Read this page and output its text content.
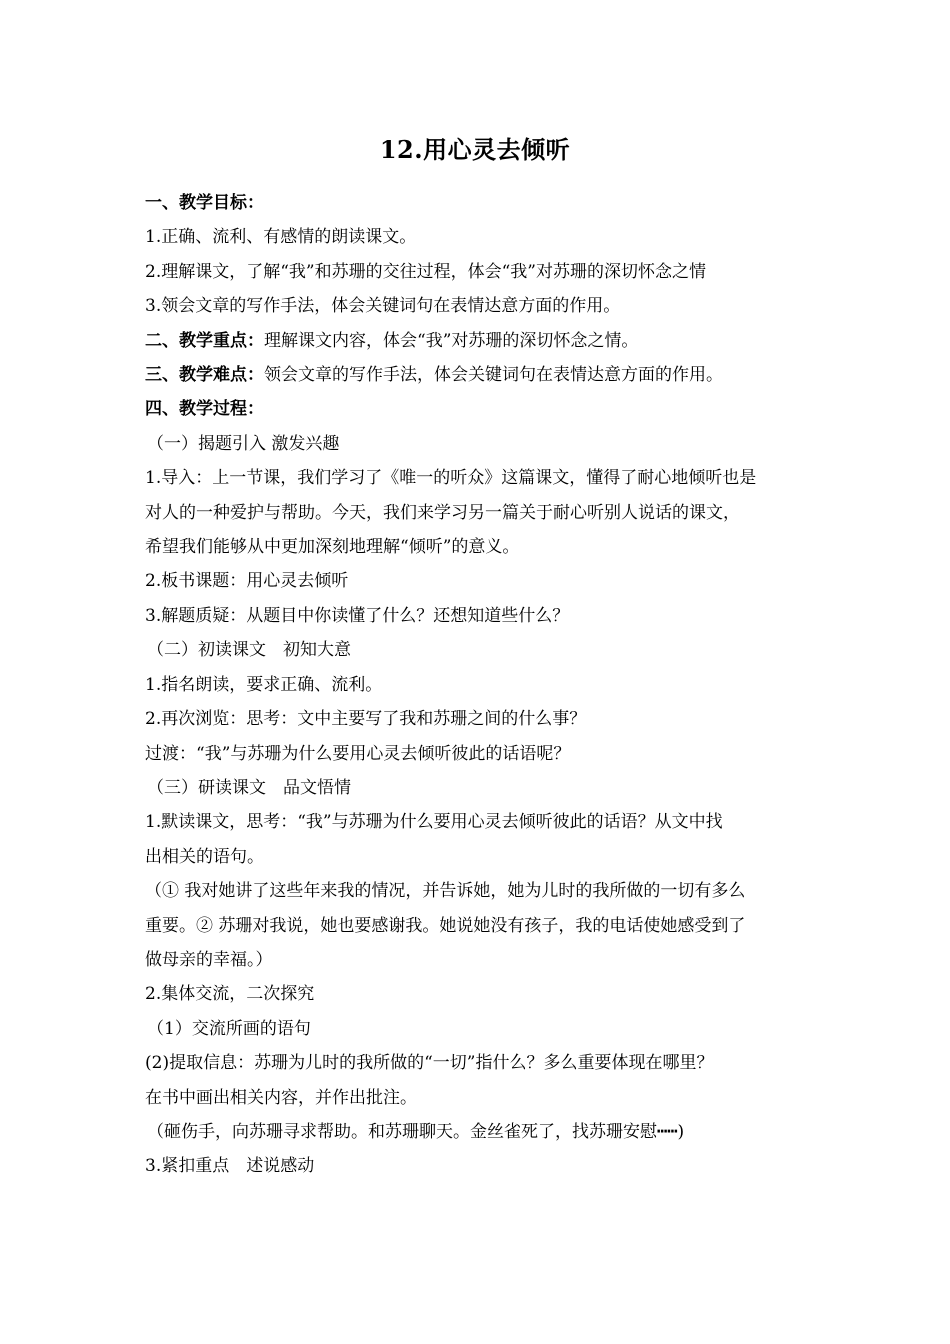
12.用心灵去倾听
一、教学目标：
1.正确、流利、有感情的朗读课文。
2.理解课文，了解“我”和苏珊的交往过程，体会“我”对苏珊的深切怀念之情
3.领会文章的写作手法，体会关键词句在表情达意方面的作用。
二、教学重点：理解课文内容，体会“我”对苏珊的深切怀念之情。
三、教学难点：领会文章的写作手法，体会关键词句在表情达意方面的作用。
四、教学过程：
（一）揭题引入 激发兴趣
1.导入：上一节课，我们学习了《唯一的听众》这篇课文，懂得了耐心地倾听也是
对人的一种爱护与帮助。今天，我们来学习另一篇关于耐心听别人说话的课文，
希望我们能够从中更加深刻地理解“倾听”的意义。
2.板书课题：用心灵去倾听
3.解题质疑：从题目中你读懂了什么？还想知道些什么？
（二）初读课文　初知大意
1.指名朗读，要求正确、流利。
2.再次浏览：思考：文中主要写了我和苏珊之间的什么事？
过渡：“我”与苏珊为什么要用心灵去倾听彼此的话语呢？
（三）研读课文　品文悟情
1.默读课文，思考：“我”与苏珊为什么要用心灵去倾听彼此的话语？从文中找
出相关的语句。
（① 我对她讲了这些年来我的情况，并告诉她，她为儿时的我所做的一切有多么
重要。② 苏珊对我说，她也要感谢我。她说她没有孩子，我的电话使她感受到了
做母亲的幸福。）
2.集体交流，二次探究
（1）交流所画的语句
(2)提取信息：苏珊为儿时的我所做的“一切”指什么？多么重要体现在哪里？
在书中画出相关内容，并作出批注。
（砸伤手，向苏珊寻求帮助。和苏珊聊天。金丝雀死了，找苏珊安慰┅┅)
3.紧扣重点　述说感动
